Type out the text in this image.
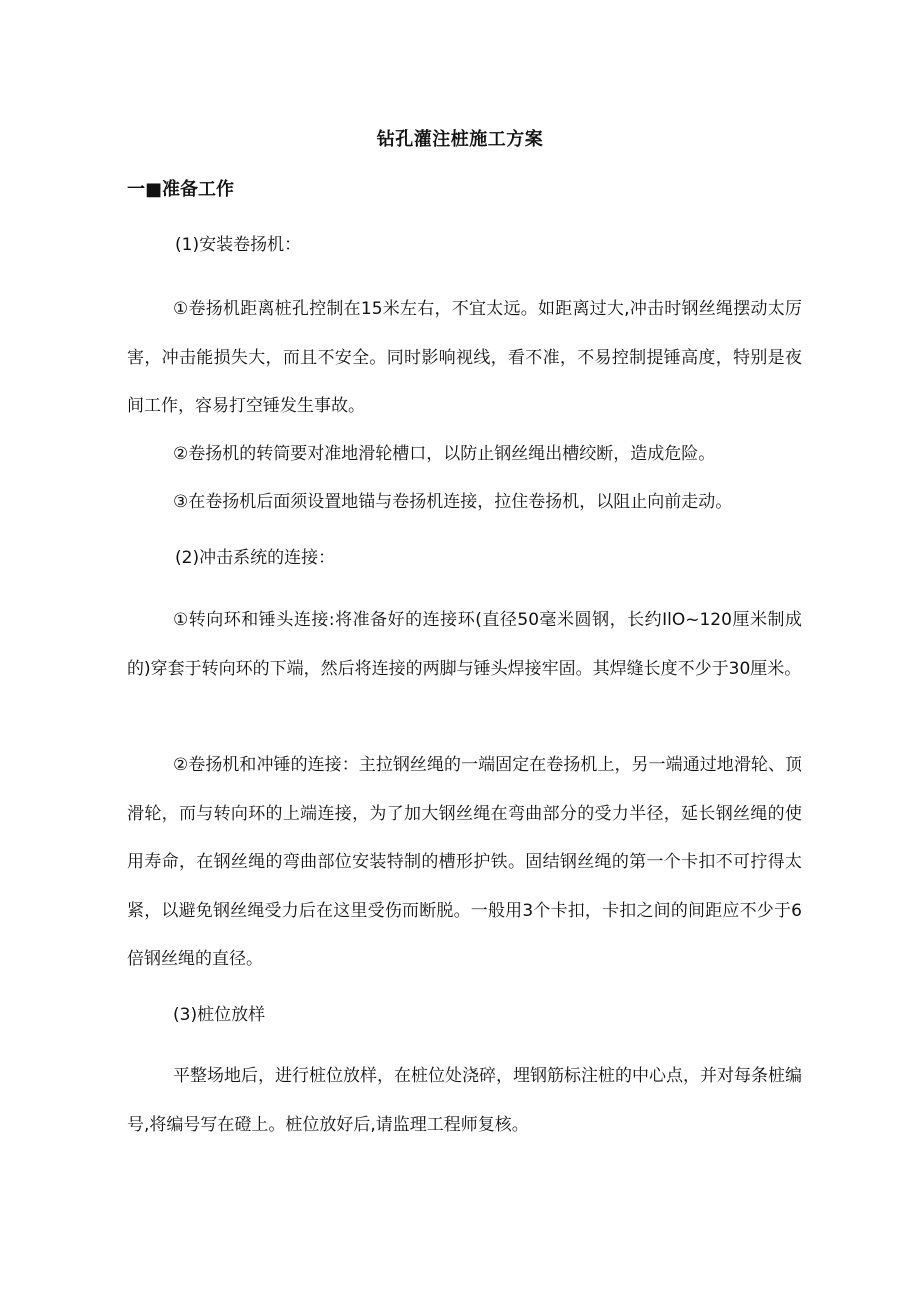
钻孔灌注桩施工方案
一■准备工作
(1)安装卷扬机：

①卷扬机距离桩孔控制在15米左右，不宜太远。如距离过大,冲击时钢丝绳摆动太厉害，冲击能损失大，而且不安全。同时影响视线，看不准，不易控制提锤高度，特别是夜间工作，容易打空锤发生事故。

②卷扬机的转筒要对准地滑轮槽口，以防止钢丝绳出槽绞断，造成危险。

③在卷扬机后面须设置地锚与卷扬机连接，拉住卷扬机，以阻止向前走动。

(2)冲击系统的连接：

①转向环和锤头连接:将准备好的连接环(直径50毫米圆钢，长约IlO~120厘米制成的)穿套于转向环的下端，然后将连接的两脚与锤头焊接牢固。其焊缝长度不少于30厘米。

②卷扬机和冲锤的连接：主拉钢丝绳的一端固定在卷扬机上，另一端通过地滑轮、顶滑轮，而与转向环的上端连接，为了加大钢丝绳在弯曲部分的受力半径，延长钢丝绳的使用寿命，在钢丝绳的弯曲部位安装特制的槽形护铁。固结钢丝绳的第一个卡扣不可拧得太紧，以避免钢丝绳受力后在这里受伤而断脱。一般用3个卡扣，卡扣之间的间距应不少于6倍钢丝绳的直径。

(3)桩位放样

平整场地后，进行桩位放样，在桩位处浇碎，埋钢筋标注桩的中心点，并对每条桩编号,将编号写在磴上。桩位放好后,请监理工程师复核。
